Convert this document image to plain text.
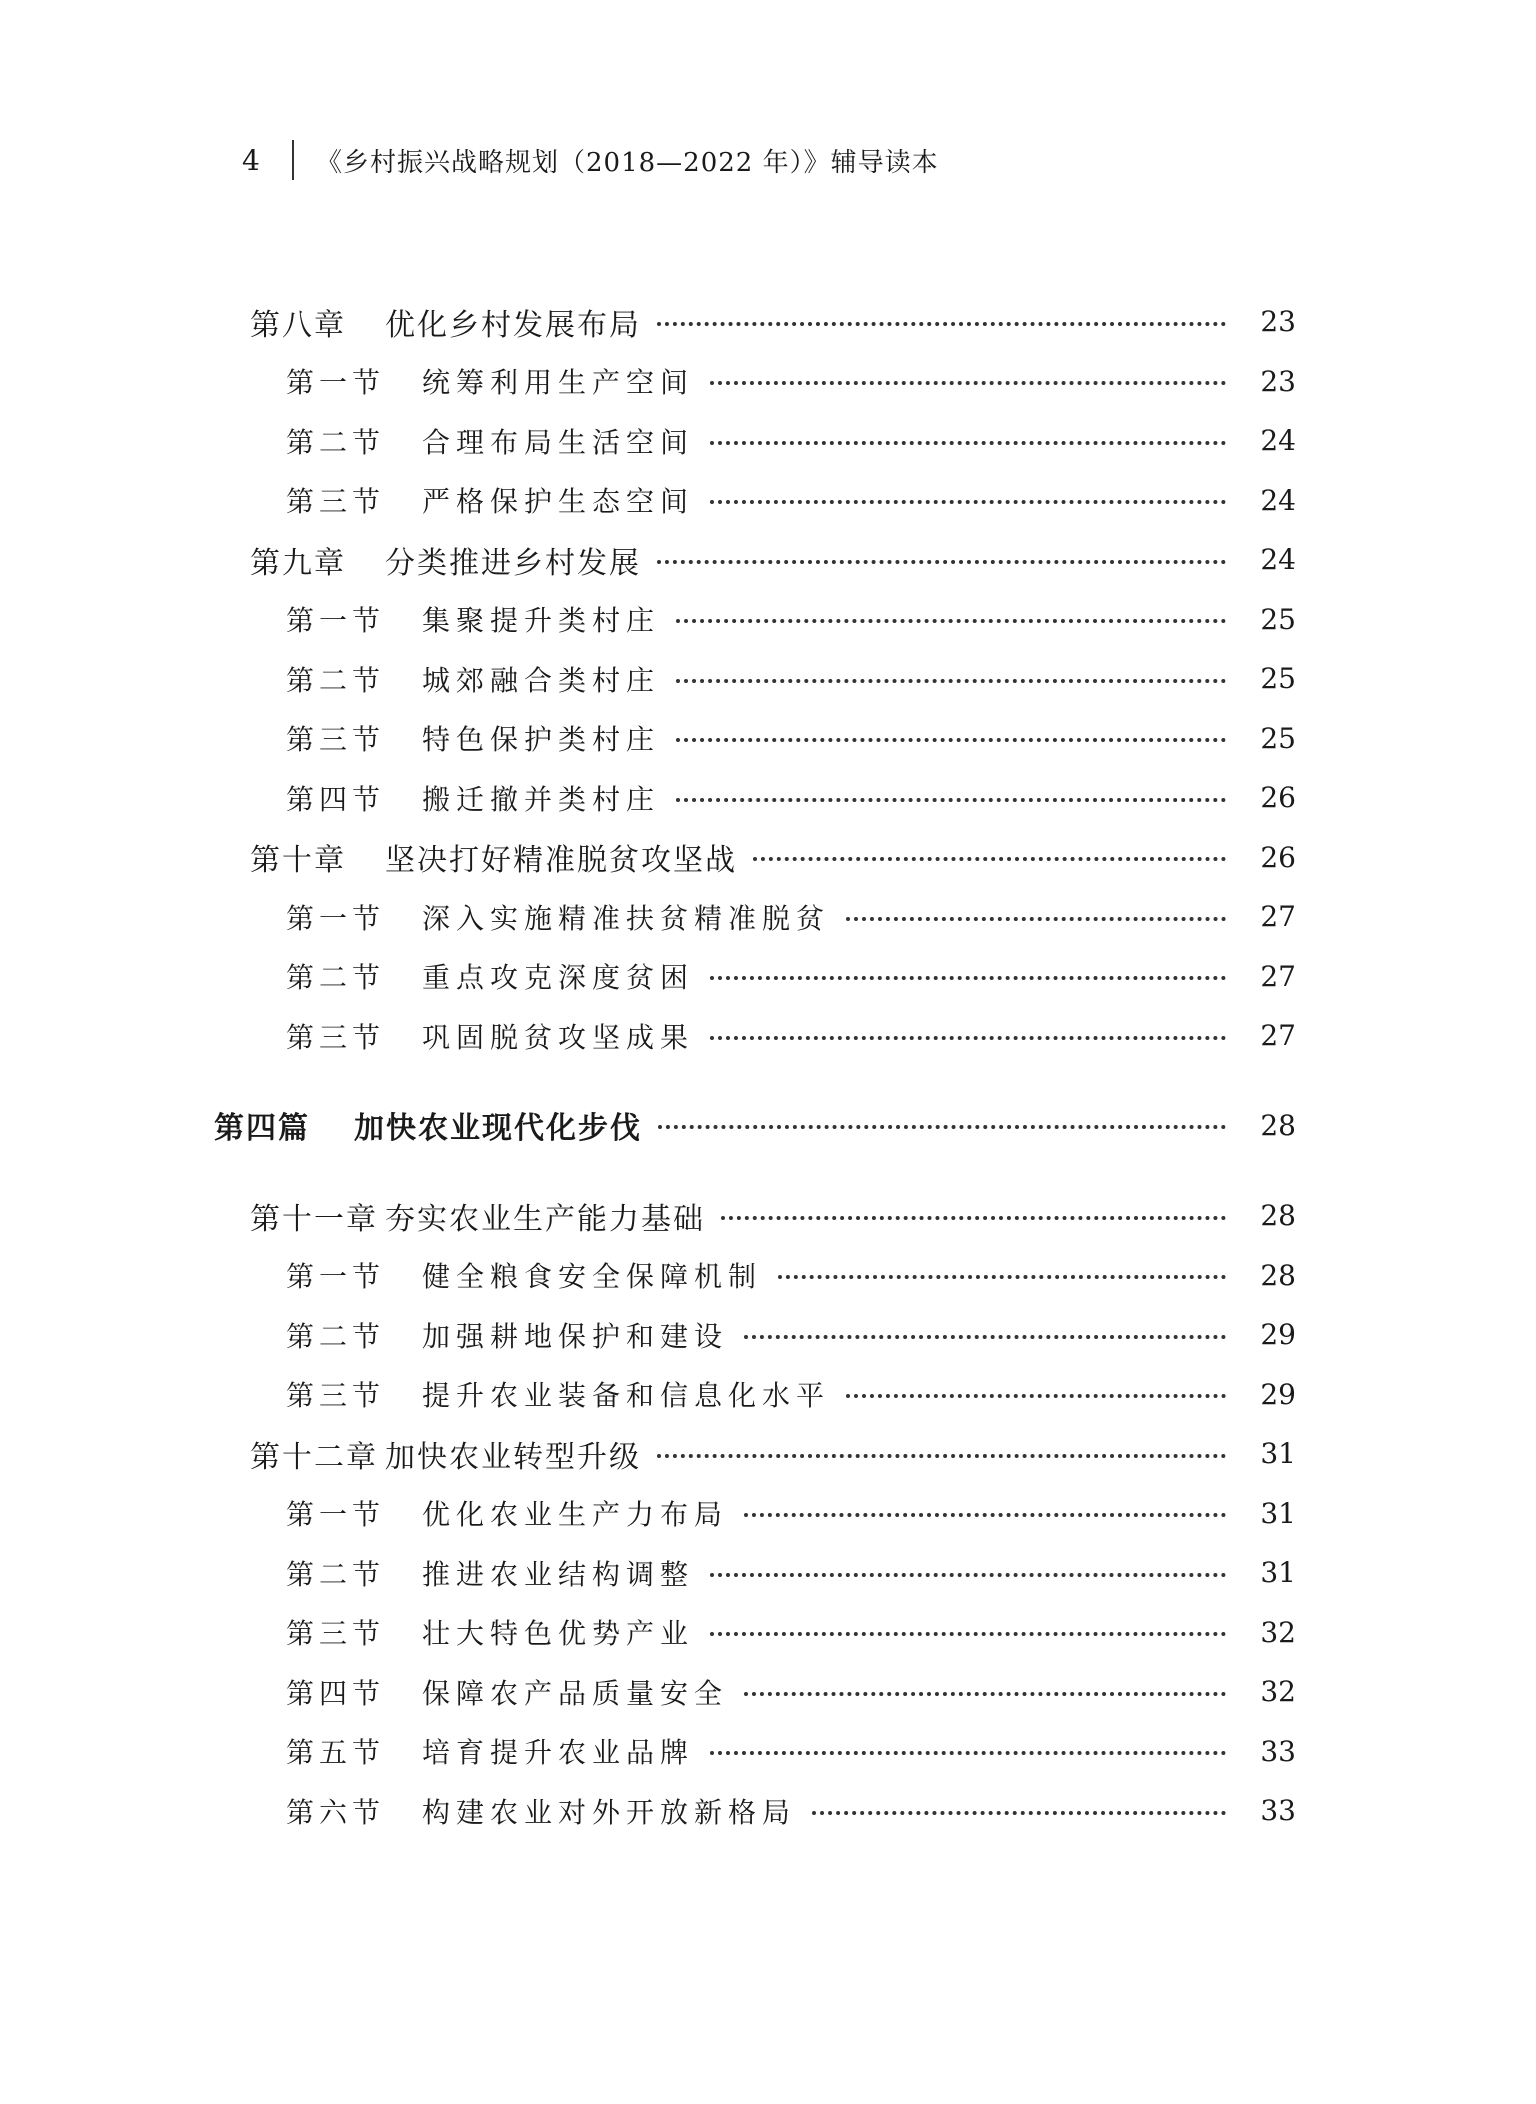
4	《乡村振兴战略规划（2018—2022 年）》辅导读本
第八章	优化乡村发展布局	23
第一节	统筹利用生产空间	23
第二节	合理布局生活空间	24
第三节	严格保护生态空间	24
第九章	分类推进乡村发展	24
第一节	集聚提升类村庄	25
第二节	城郊融合类村庄	25
第三节	特色保护类村庄	25
第四节	搬迁撤并类村庄	26
第十章	坚决打好精准脱贫攻坚战	26
第一节	深入实施精准扶贫精准脱贫	27
第二节	重点攻克深度贫困	27
第三节	巩固脱贫攻坚成果	27
第四篇	加快农业现代化步伐	28
第十一章 夯实农业生产能力基础	28
第一节	健全粮食安全保障机制	28
第二节	加强耕地保护和建设	29
第三节	提升农业装备和信息化水平	29
第十二章 加快农业转型升级	31
第一节	优化农业生产力布局	31
第二节	推进农业结构调整	31
第三节	壮大特色优势产业	32
第四节	保障农产品质量安全	32
第五节	培育提升农业品牌	33
第六节	构建农业对外开放新格局	33
